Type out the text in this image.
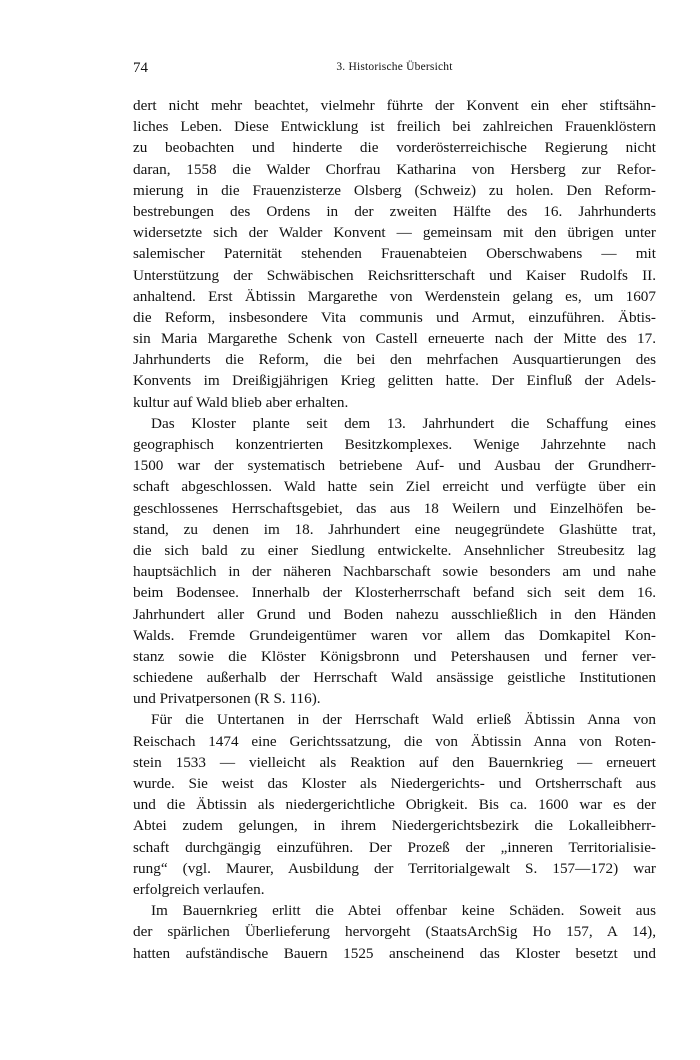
74	3. Historische Übersicht
dert nicht mehr beachtet, vielmehr führte der Konvent ein eher stiftsähn-
liches Leben. Diese Entwicklung ist freilich bei zahlreichen Frauenklöstern
zu beobachten und hinderte die vorderösterreichische Regierung nicht
daran, 1558 die Walder Chorfrau Katharina von Hersberg zur Refor-
mierung in die Frauenzisterze Olsberg (Schweiz) zu holen. Den Reform-
bestrebungen des Ordens in der zweiten Hälfte des 16. Jahrhunderts
widersetzte sich der Walder Konvent — gemeinsam mit den übrigen unter
salemischer Paternität stehenden Frauenabteien Oberschwabens — mit
Unterstützung der Schwäbischen Reichsritterschaft und Kaiser Rudolfs II.
anhaltend. Erst Äbtissin Margarethe von Werdenstein gelang es, um 1607
die Reform, insbesondere Vita communis und Armut, einzuführen. Äbtis-
sin Maria Margarethe Schenk von Castell erneuerte nach der Mitte des 17.
Jahrhunderts die Reform, die bei den mehrfachen Ausquartierungen des
Konvents im Dreißigjährigen Krieg gelitten hatte. Der Einfluß der Adels-
kultur auf Wald blieb aber erhalten.
Das Kloster plante seit dem 13. Jahrhundert die Schaffung eines
geographisch konzentrierten Besitzkomplexes. Wenige Jahrzehnte nach
1500 war der systematisch betriebene Auf- und Ausbau der Grundherr-
schaft abgeschlossen. Wald hatte sein Ziel erreicht und verfügte über ein
geschlossenes Herrschaftsgebiet, das aus 18 Weilern und Einzelhöfen be-
stand, zu denen im 18. Jahrhundert eine neugegründete Glashütte trat,
die sich bald zu einer Siedlung entwickelte. Ansehnlicher Streubesitz lag
hauptsächlich in der näheren Nachbarschaft sowie besonders am und nahe
beim Bodensee. Innerhalb der Klosterherrschaft befand sich seit dem 16.
Jahrhundert aller Grund und Boden nahezu ausschließlich in den Händen
Walds. Fremde Grundeigentümer waren vor allem das Domkapitel Kon-
stanz sowie die Klöster Königsbronn und Petershausen und ferner ver-
schiedene außerhalb der Herrschaft Wald ansässige geistliche Institutionen
und Privatpersonen (R S. 116).
Für die Untertanen in der Herrschaft Wald erließ Äbtissin Anna von
Reischach 1474 eine Gerichtssatzung, die von Äbtissin Anna von Roten-
stein 1533 — vielleicht als Reaktion auf den Bauernkrieg — erneuert
wurde. Sie weist das Kloster als Niedergerichts- und Ortsherrschaft aus
und die Äbtissin als niedergerichtliche Obrigkeit. Bis ca. 1600 war es der
Abtei zudem gelungen, in ihrem Niedergerichtsbezirk die Lokalleibherr-
schaft durchgängig einzuführen. Der Prozeß der „inneren Territorialisie-
rung“ (vgl. Maurer, Ausbildung der Territorialgewalt S. 157—172) war
erfolgreich verlaufen.
Im Bauernkrieg erlitt die Abtei offenbar keine Schäden. Soweit aus
der spärlichen Überlieferung hervorgeht (StaatsArchSig Ho 157, A 14),
hatten aufständische Bauern 1525 anscheinend das Kloster besetzt und
